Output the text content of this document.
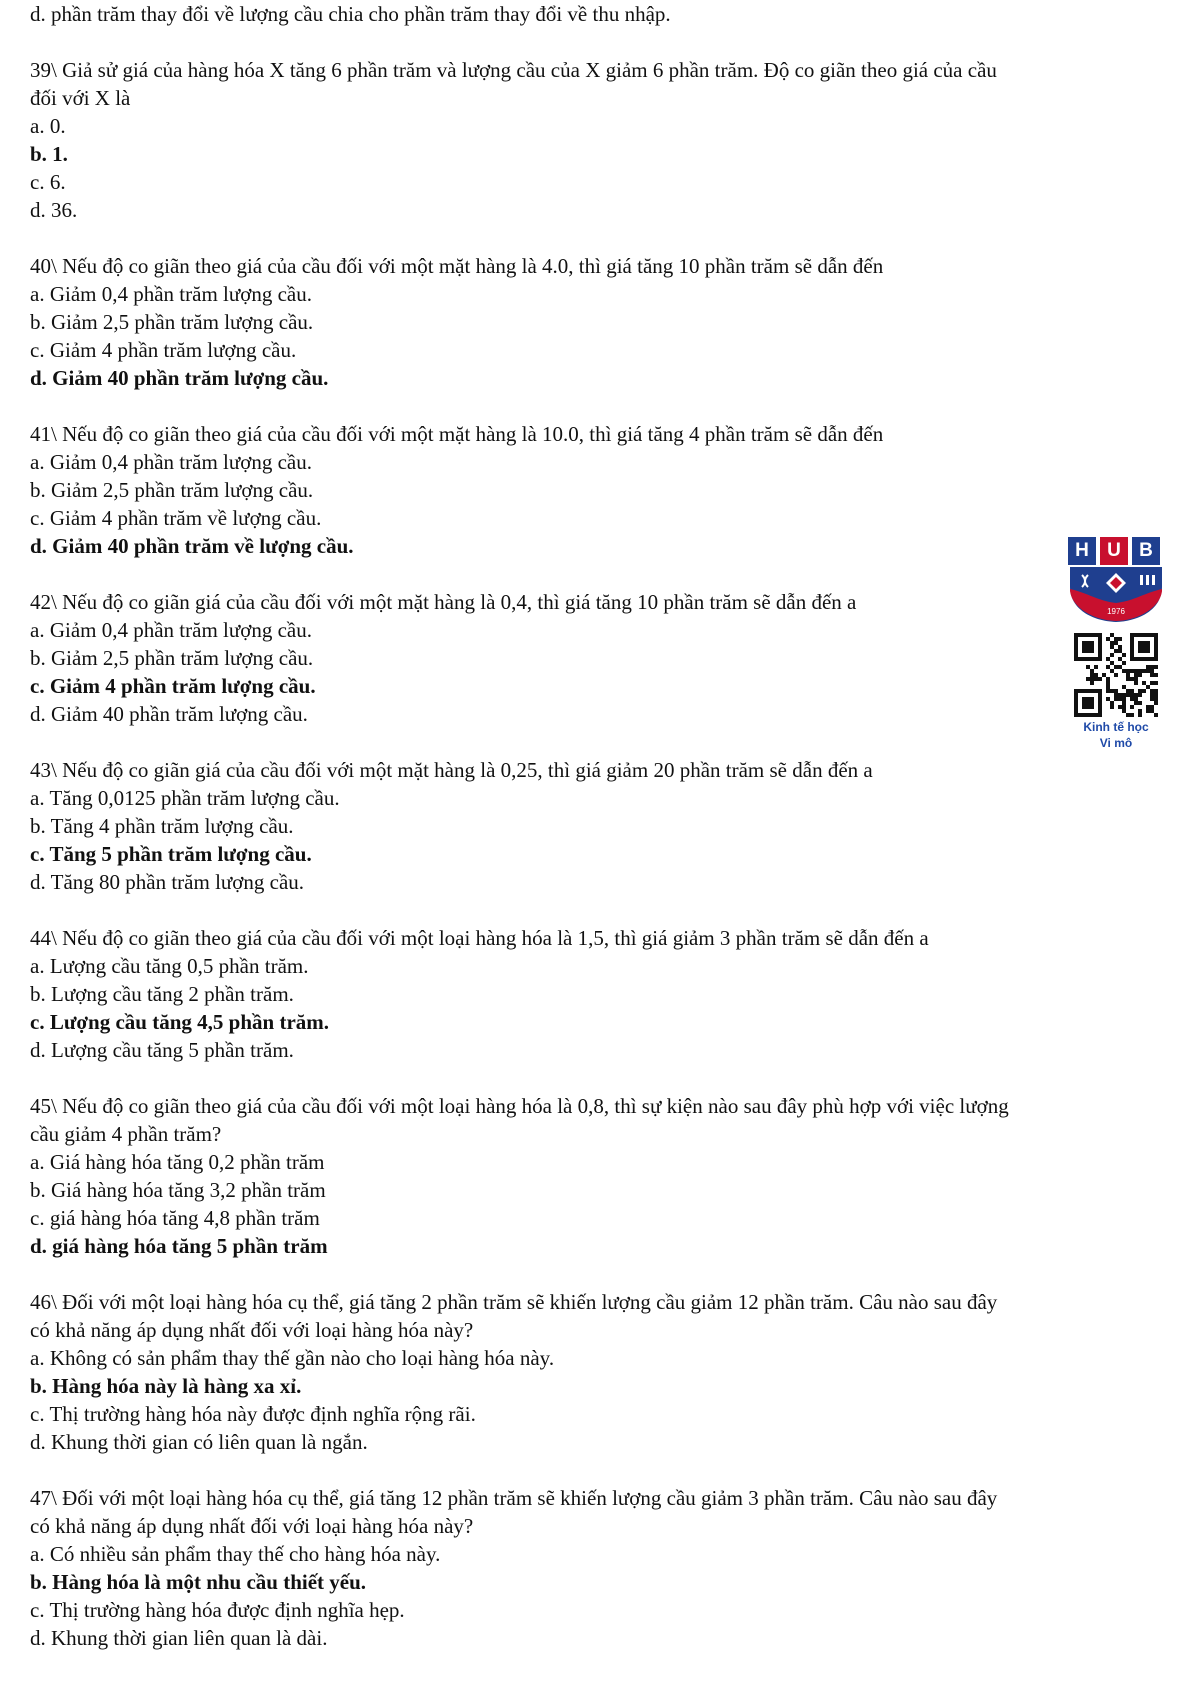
d. phần trăm thay đổi về lượng cầu chia cho phần trăm thay đổi về thu nhập.

39\ Giả sử giá của hàng hóa X tăng 6 phần trăm và lượng cầu của X giảm 6 phần trăm. Độ co giãn theo giá của cầu

đối với X là

a. 0.

b. 1.

c. 6.

d. 36.

40\ Nếu độ co giãn theo giá của cầu đối với một mặt hàng là 4.0, thì giá tăng 10 phần trăm sẽ dẫn đến

a. Giảm 0,4 phần trăm lượng cầu.

b. Giảm 2,5 phần trăm lượng cầu.

c. Giảm 4 phần trăm lượng cầu.

d. Giảm 40 phần trăm lượng cầu.

41\ Nếu độ co giãn theo giá của cầu đối với một mặt hàng là 10.0, thì giá tăng 4 phần trăm sẽ dẫn đến

a. Giảm 0,4 phần trăm lượng cầu.

b. Giảm 2,5 phần trăm lượng cầu.

c. Giảm 4 phần trăm về lượng cầu.

d. Giảm 40 phần trăm về lượng cầu.

42\ Nếu độ co giãn giá của cầu đối với một mặt hàng là 0,4, thì giá tăng 10 phần trăm sẽ dẫn đến a

a. Giảm 0,4 phần trăm lượng cầu.

b. Giảm 2,5 phần trăm lượng cầu.

c. Giảm 4 phần trăm lượng cầu.

d. Giảm 40 phần trăm lượng cầu.

43\ Nếu độ co giãn giá của cầu đối với một mặt hàng là 0,25, thì giá giảm 20 phần trăm sẽ dẫn đến a

a. Tăng 0,0125 phần trăm lượng cầu.

b. Tăng 4 phần trăm lượng cầu.

c. Tăng 5 phần trăm lượng cầu.

d. Tăng 80 phần trăm lượng cầu.

44\ Nếu độ co giãn theo giá của cầu đối với một loại hàng hóa là 1,5, thì giá giảm 3 phần trăm sẽ dẫn đến a

a. Lượng cầu tăng 0,5 phần trăm.

b. Lượng cầu tăng 2 phần trăm.

c. Lượng cầu tăng 4,5 phần trăm.

d. Lượng cầu tăng 5 phần trăm.

45\ Nếu độ co giãn theo giá của cầu đối với một loại hàng hóa là 0,8, thì sự kiện nào sau đây phù hợp với việc lượng

cầu giảm 4 phần trăm?

a. Giá hàng hóa tăng 0,2 phần trăm

b. Giá hàng hóa tăng 3,2 phần trăm

c. giá hàng hóa tăng 4,8 phần trăm

d. giá hàng hóa tăng 5 phần trăm

46\ Đối với một loại hàng hóa cụ thể, giá tăng 2 phần trăm sẽ khiến lượng cầu giảm 12 phần trăm. Câu nào sau đây

có khả năng áp dụng nhất đối với loại hàng hóa này?

a. Không có sản phẩm thay thế gần nào cho loại hàng hóa này.

b. Hàng hóa này là hàng xa xỉ.

c. Thị trường hàng hóa này được định nghĩa rộng rãi.

d. Khung thời gian có liên quan là ngắn.

47\ Đối với một loại hàng hóa cụ thể, giá tăng 12 phần trăm sẽ khiến lượng cầu giảm 3 phần trăm. Câu nào sau đây

có khả năng áp dụng nhất đối với loại hàng hóa này?

a. Có nhiều sản phẩm thay thế cho hàng hóa này.

b. Hàng hóa là một nhu cầu thiết yếu.

c. Thị trường hàng hóa được định nghĩa hẹp.

d. Khung thời gian liên quan là dài.

H U B
1976
Kinh tế học
Vi mô
